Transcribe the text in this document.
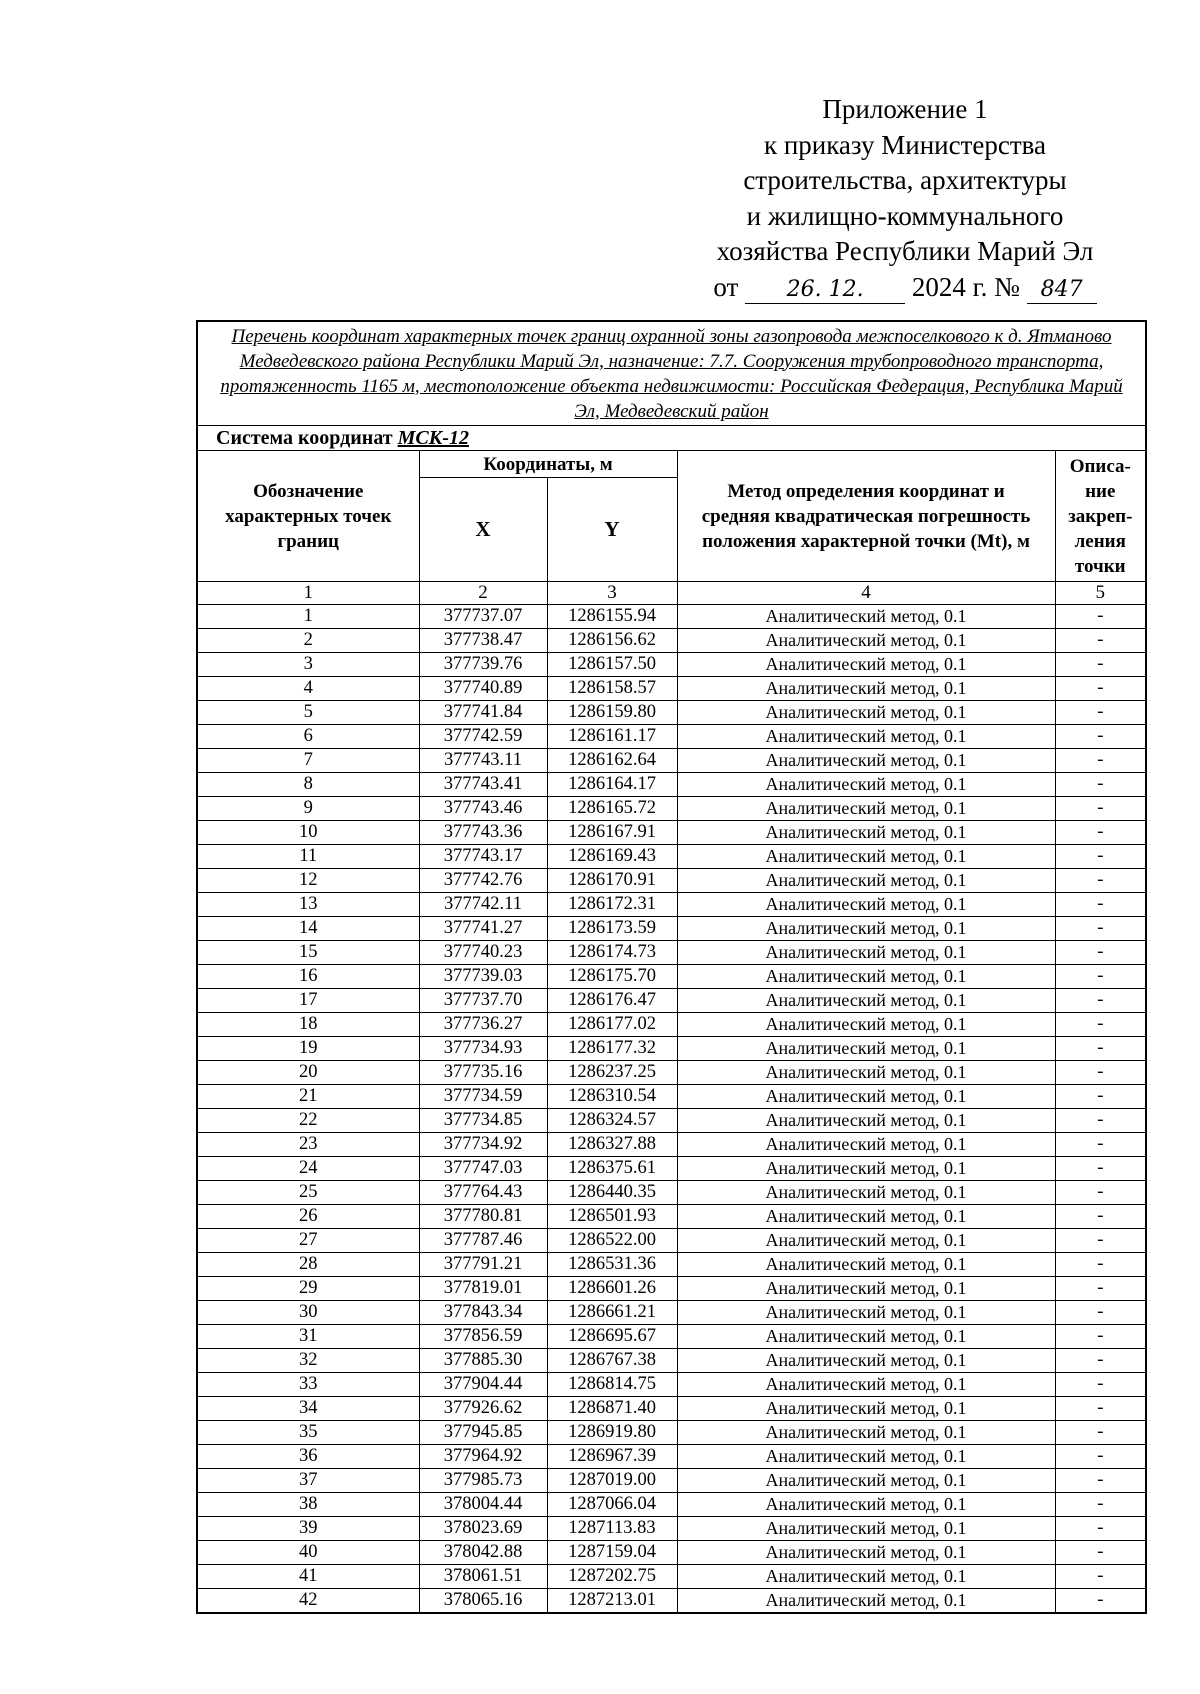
Приложение 1
к приказу Министерства
строительства, архитектуры
и жилищно-коммунального
хозяйства Республики Марий Эл
от 26. 12. 2024 г. № 847
Перечень координат характерных точек границ охранной зоны газопровода межпоселкового к д. Ятманово Медведевского района Республики Марий Эл, назначение: 7.7. Сооружения трубопроводного транспорта, протяженность 1165 м, местоположение объекта недвижимости: Российская Федерация, Республика Марий Эл, Медведевский район				
Система координат МСК-12				
Обозначение характерных точек границ	Координаты, м		Метод определения координат и средняя квадратическая погрешность положения характерной точки (Mt), м	Описа-ние закреп-ления точки
	X	Y		
1	2	3	4	5
1	377737.07	1286155.94	Аналитический метод, 0.1	-
2	377738.47	1286156.62	Аналитический метод, 0.1	-
3	377739.76	1286157.50	Аналитический метод, 0.1	-
4	377740.89	1286158.57	Аналитический метод, 0.1	-
5	377741.84	1286159.80	Аналитический метод, 0.1	-
6	377742.59	1286161.17	Аналитический метод, 0.1	-
7	377743.11	1286162.64	Аналитический метод, 0.1	-
8	377743.41	1286164.17	Аналитический метод, 0.1	-
9	377743.46	1286165.72	Аналитический метод, 0.1	-
10	377743.36	1286167.91	Аналитический метод, 0.1	-
11	377743.17	1286169.43	Аналитический метод, 0.1	-
12	377742.76	1286170.91	Аналитический метод, 0.1	-
13	377742.11	1286172.31	Аналитический метод, 0.1	-
14	377741.27	1286173.59	Аналитический метод, 0.1	-
15	377740.23	1286174.73	Аналитический метод, 0.1	-
16	377739.03	1286175.70	Аналитический метод, 0.1	-
17	377737.70	1286176.47	Аналитический метод, 0.1	-
18	377736.27	1286177.02	Аналитический метод, 0.1	-
19	377734.93	1286177.32	Аналитический метод, 0.1	-
20	377735.16	1286237.25	Аналитический метод, 0.1	-
21	377734.59	1286310.54	Аналитический метод, 0.1	-
22	377734.85	1286324.57	Аналитический метод, 0.1	-
23	377734.92	1286327.88	Аналитический метод, 0.1	-
24	377747.03	1286375.61	Аналитический метод, 0.1	-
25	377764.43	1286440.35	Аналитический метод, 0.1	-
26	377780.81	1286501.93	Аналитический метод, 0.1	-
27	377787.46	1286522.00	Аналитический метод, 0.1	-
28	377791.21	1286531.36	Аналитический метод, 0.1	-
29	377819.01	1286601.26	Аналитический метод, 0.1	-
30	377843.34	1286661.21	Аналитический метод, 0.1	-
31	377856.59	1286695.67	Аналитический метод, 0.1	-
32	377885.30	1286767.38	Аналитический метод, 0.1	-
33	377904.44	1286814.75	Аналитический метод, 0.1	-
34	377926.62	1286871.40	Аналитический метод, 0.1	-
35	377945.85	1286919.80	Аналитический метод, 0.1	-
36	377964.92	1286967.39	Аналитический метод, 0.1	-
37	377985.73	1287019.00	Аналитический метод, 0.1	-
38	378004.44	1287066.04	Аналитический метод, 0.1	-
39	378023.69	1287113.83	Аналитический метод, 0.1	-
40	378042.88	1287159.04	Аналитический метод, 0.1	-
41	378061.51	1287202.75	Аналитический метод, 0.1	-
42	378065.16	1287213.01	Аналитический метод, 0.1	-
